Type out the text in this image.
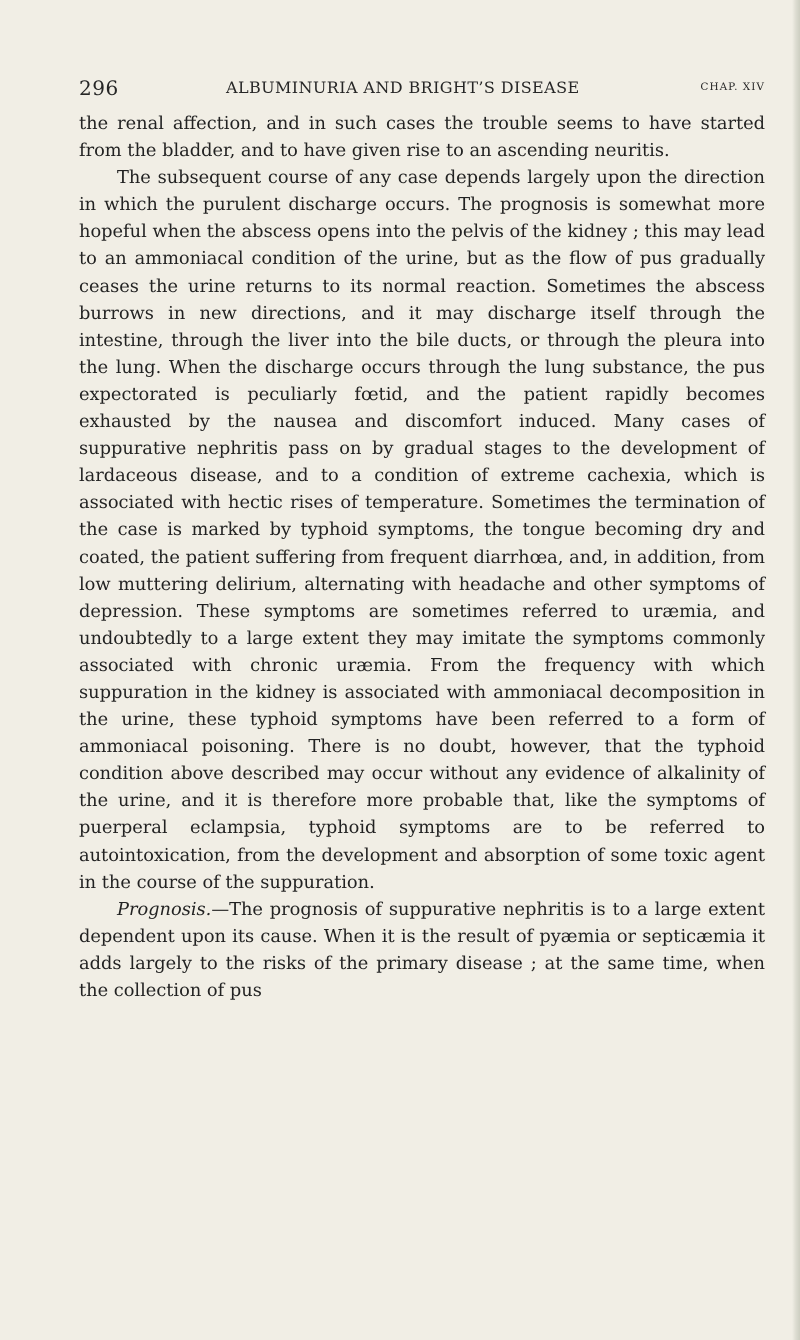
296	ALBUMINURIA AND BRIGHT’S DISEASE	CHAP. XIV

the renal affection, and in such cases the trouble seems to have started from the bladder, and to have given rise to an ascending neuritis.

The subsequent course of any case depends largely upon the direction in which the purulent discharge occurs. The prognosis is somewhat more hopeful when the abscess opens into the pelvis of the kidney ; this may lead to an ammoniacal condition of the urine, but as the flow of pus gradually ceases the urine returns to its normal reaction. Sometimes the abscess burrows in new directions, and it may discharge itself through the intestine, through the liver into the bile ducts, or through the pleura into the lung. When the discharge occurs through the lung substance, the pus expectorated is peculiarly fœtid, and the patient rapidly becomes exhausted by the nausea and discomfort induced. Many cases of suppurative nephritis pass on by gradual stages to the development of lardaceous disease, and to a condition of extreme cachexia, which is associated with hectic rises of temperature. Sometimes the termination of the case is marked by typhoid symptoms, the tongue becoming dry and coated, the patient suffering from frequent diarrhœa, and, in addition, from low muttering delirium, alternating with headache and other symptoms of depression. These symptoms are sometimes referred to uræmia, and undoubtedly to a large extent they may imitate the symptoms commonly associated with chronic uræmia. From the frequency with which suppuration in the kidney is associated with ammoniacal decomposition in the urine, these typhoid symptoms have been referred to a form of ammoniacal poisoning. There is no doubt, however, that the typhoid condition above described may occur without any evidence of alkalinity of the urine, and it is therefore more probable that, like the symptoms of puerperal eclampsia, typhoid symptoms are to be referred to autointoxication, from the development and absorption of some toxic agent in the course of the suppuration.

Prognosis.—The prognosis of suppurative nephritis is to a large extent dependent upon its cause. When it is the result of pyæmia or septicæmia it adds largely to the risks of the primary disease ; at the same time, when the collection of pus
